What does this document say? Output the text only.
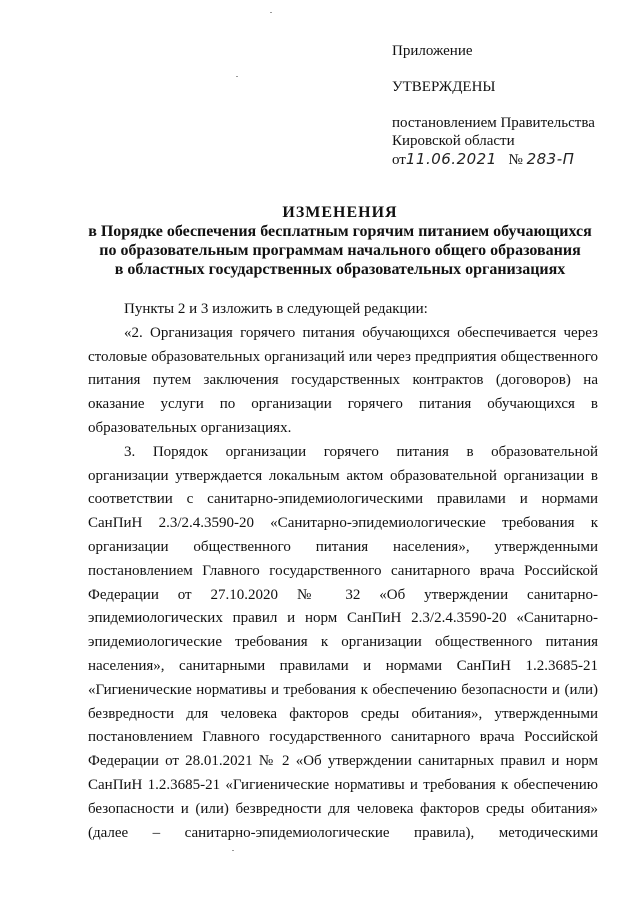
Приложение
УТВЕРЖДЕНЫ
постановлением Правительства
Кировской области
от11.06.2021 № 283-П
ИЗМЕНЕНИЯ
в Порядке обеспечения бесплатным горячим питанием обучающихся
по образовательным программам начального общего образования
в областных государственных образовательных организациях

Пункты 2 и 3 изложить в следующей редакции:

«2. Организация горячего питания обучающихся обеспечивается через столовые образовательных организаций или через предприятия общественного питания путем заключения государственных контрактов (договоров) на оказание услуги по организации горячего питания обучающихся в образовательных организациях.

3. Порядок организации горячего питания в образовательной организации утверждается локальным актом образовательной организации в соответствии с санитарно-эпидемиологическими правилами и нормами СанПиН 2.3/2.4.3590-20 «Санитарно-эпидемиологические требования к организации общественного питания населения», утвержденными постановлением Главного государственного санитарного врача Российской Федерации от 27.10.2020 № 32 «Об утверждении санитарно-эпидемиологических правил и норм СанПиН 2.3/2.4.3590-20 «Санитарно-эпидемиологические требования к организации общественного питания населения», санитарными правилами и нормами СанПиН 1.2.3685-21 «Гигиенические нормативы и требования к обеспечению безопасности и (или) безвредности для человека факторов среды обитания», утвержденными постановлением Главного государственного санитарного врача Российской Федерации от 28.01.2021 № 2 «Об утверждении санитарных правил и норм СанПиН 1.2.3685-21 «Гигиенические нормативы и требования к обеспечению безопасности и (или) безвредности для человека факторов среды обитания» (далее – санитарно-эпидемиологические правила), методическими
